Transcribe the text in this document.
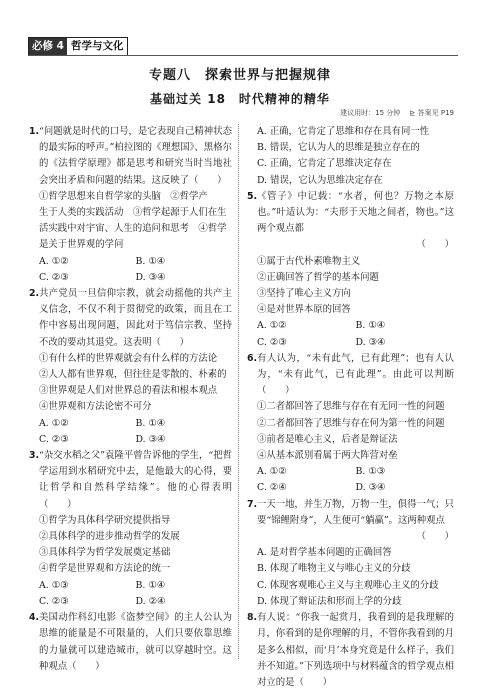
必修 4 哲学与文化
专题八　探索世界与把握规律
基础过关 18　时代精神的精华
建议用时：15 分钟 　⊵ 答案见 P19
1. “问题就是时代的口号，是它表现自己精神状态的最实际的呼声。”柏拉图的《理想国》、黑格尔的《法哲学原理》都是思考和研究当时当地社会突出矛盾和问题的结果。这反映了（　　）
①哲学思想来自哲学家的头脑　②哲学产
生于人类的实践活动　③哲学起源于人们在生
活实践中对宇宙、人生的追问和思考　④哲学
是关于世界观的学问
A. ①②	B. ①④
C. ②③	D. ③④
2. 共产党员一旦信仰宗教，就会动摇他的共产主义信念，不仅不利于贯彻党的政策，而且在工作中容易出现问题，因此对于笃信宗教、坚持不改的要动其退党。这表明（　　）
①有什么样的世界观就会有什么样的方法论
②人人都有世界观，但往往是零散的、朴素的
③世界观是人们对世界总的看法和根本观点
④世界观和方法论密不可分
A. ①②	B. ①④
C. ②③	D. ③④
3. “杂交水稻之父”袁隆平曾告诉他的学生，“把哲学运用到水稻研究中去，是他最大的心得，要让哲学和自然科学结缘”。他的心得表明（　　）
①哲学为具体科学研究提供指导
②具体科学的进步推动哲学的发展
③具体科学为哲学发展奠定基础
④哲学是世界观和方法论的统一
A. ①③	B. ①④
C. ②③	D. ②④
4. 美国动作科幻电影《盗梦空间》的主人公认为思维的能量是不可限量的，人们只要依靠思维的力量就可以建造城市，就可以穿越时空。这种观点（　　）
A. 正确，它肯定了思维和存在具有同一性
B. 错误，它认为人的思维是独立存在的
C. 正确，它肯定了思维决定存在
D. 错误，它认为思维决定存在
5. 《管子》中记载：“水者，何也？万物之本原也。”叶适认为：“夫形于天地之间者，物也。”这两个观点都
（　　）
①属于古代朴素唯物主义
②正确回答了哲学的基本问题
③坚持了唯心主义方向
④是对世界本原的回答
A. ①②	B. ①④
C. ②③	D. ③④
6. 有人认为，“未有此气，已有此理”；也有人认为，“未有此气，已有此理”。由此可以判断（　　）
①二者都回答了思维与存在有无同一性的问题
②二者都回答了思维与存在何为第一性的问题
③前者是唯心主义，后者是辩证法
④从基本派别看属于两大阵营对垒
A. ①②	B. ①③
C. ②④	D. ③④
7. 一天一地，并生万物，万物一生，俱得一气；只要“锦鲤附身”，人生便可“躺赢”。这两种观点
（　　）
A. 是对哲学基本问题的正确回答
B. 体现了唯物主义与唯心主义的分歧
C. 体现客观唯心主义与主观唯心主义的分歧
D. 体现了辩证法和形而上学的分歧
8. 有人说：“你我一起赏月，我看到的是我理解的月，你看到的是你理解的月，不管你我看到的月是多么相似，而‘月’本身究竟是什么样子，我们并不知道。”下列选项中与材料蕴含的哲学观点相对立的是（　　）
